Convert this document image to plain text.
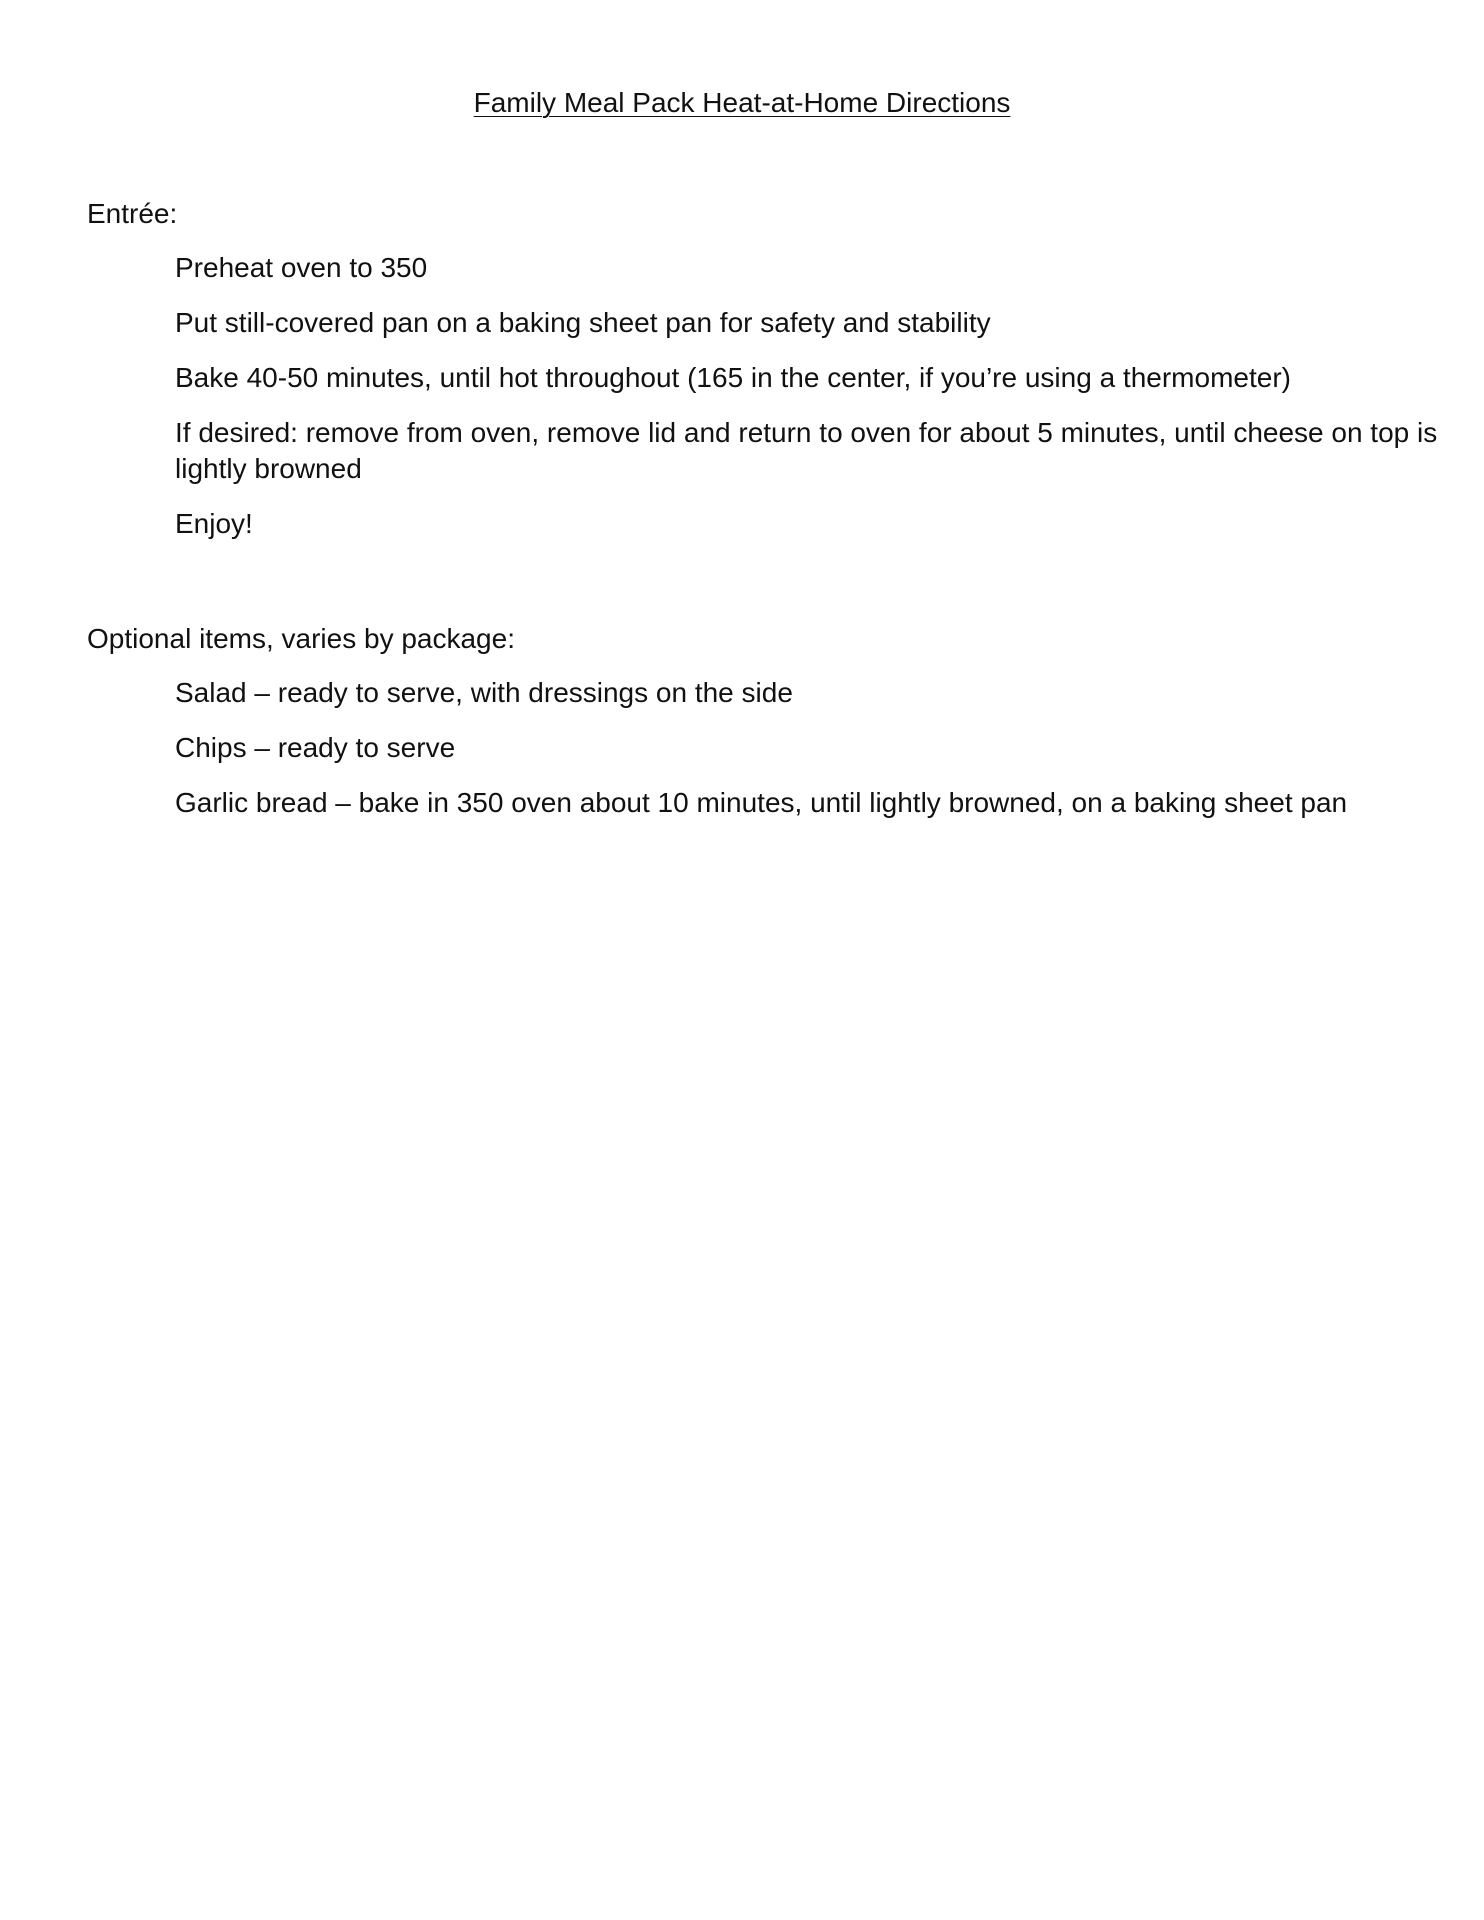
Family Meal Pack Heat-at-Home Directions

Entrée:

Preheat oven to 350
Put still-covered pan on a baking sheet pan for safety and stability
Bake 40-50 minutes, until hot throughout (165 in the center, if you’re using a thermometer)
If desired: remove from oven, remove lid and return to oven for about 5 minutes, until cheese on top is lightly browned
Enjoy!

Optional items, varies by package:

Salad – ready to serve, with dressings on the side
Chips – ready to serve
Garlic bread – bake in 350 oven about 10 minutes, until lightly browned, on a baking sheet pan
